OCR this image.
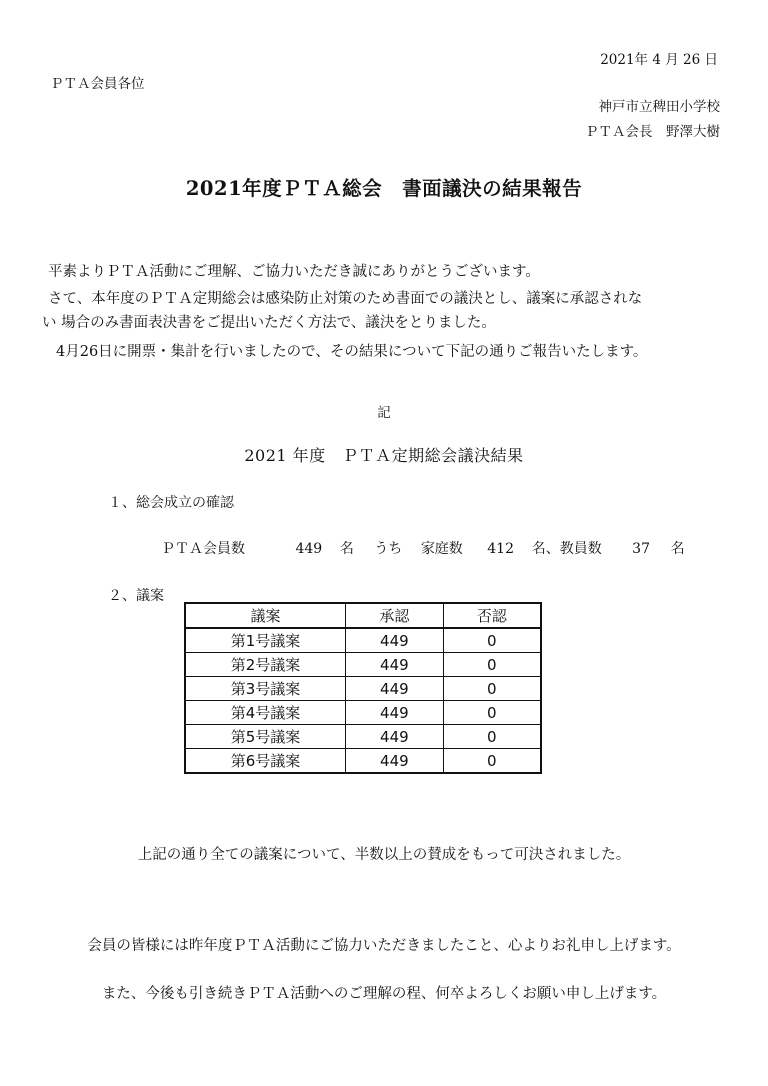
2021年 4 月 26 日
ＰＴＡ会員各位
神戸市立稗田小学校
ＰＴＡ会長　野澤大樹
2021年度ＰＴＡ総会　書面議決の結果報告
平素よりＰＴＡ活動にご理解、ご協力いただき誠にありがとうございます。
さて、本年度のＰＴＡ定期総会は感染防止対策のため書面での議決とし、議案に承認されな
い 場合のみ書面表決書をご提出いただく方法で、議決をとりました。
4月26日に開票・集計を行いましたので、その結果について下記の通りご報告いたします。
記
2021 年度　ＰＴＡ定期総会議決結果
１、総会成立の確認
ＰＴＡ会員数	449 名 うち 家庭数 412 名、教員数 37 名
２、議案
議案	承認	否認
第1号議案	449	0
第2号議案	449	0
第3号議案	449	0
第4号議案	449	0
第5号議案	449	0
第6号議案	449	0
上記の通り全ての議案について、半数以上の賛成をもって可決されました。
会員の皆様には昨年度ＰＴＡ活動にご協力いただきましたこと、心よりお礼申し上げます。
また、今後も引き続きＰＴＡ活動へのご理解の程、何卒よろしくお願い申し上げます。
